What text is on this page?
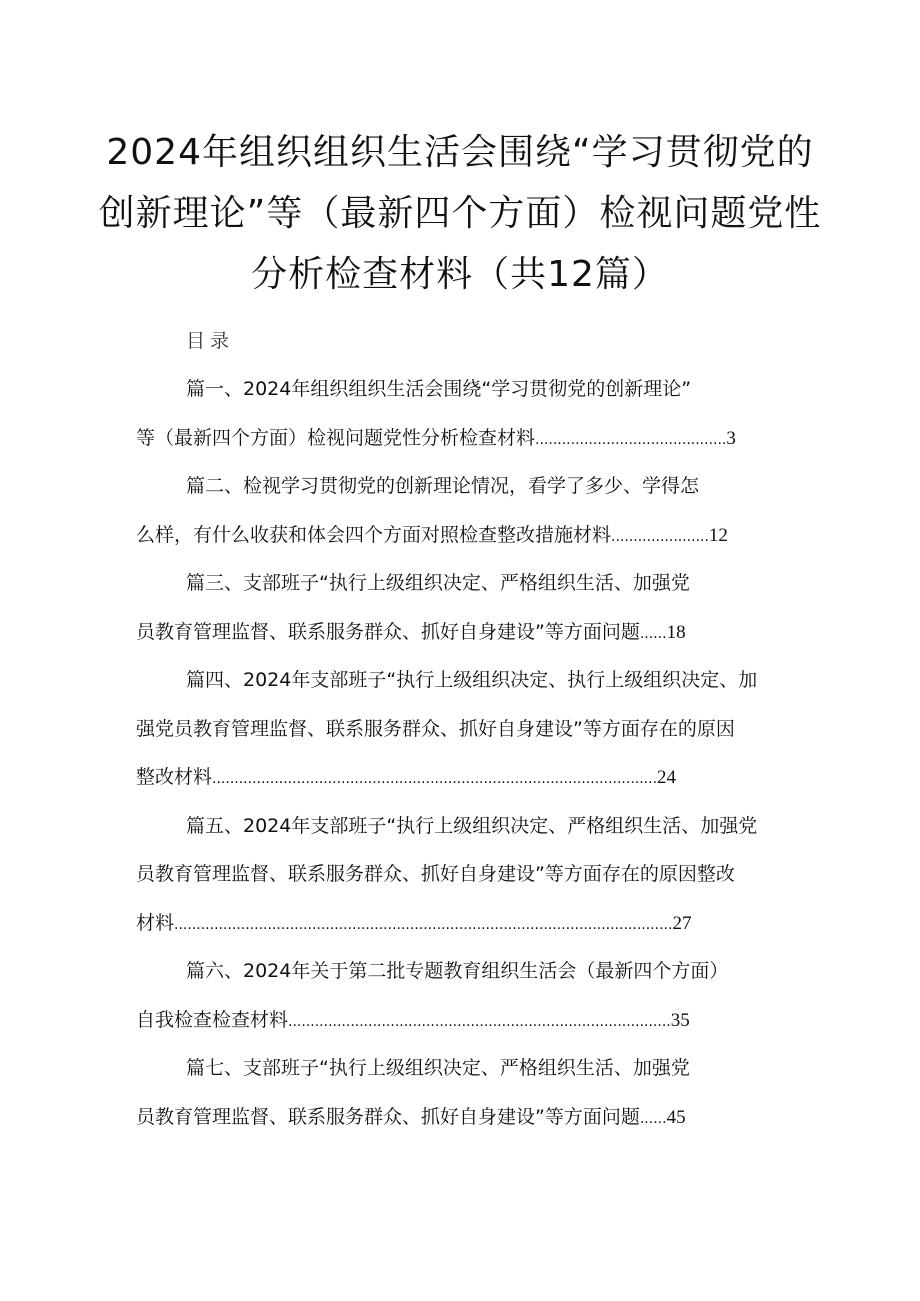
2024年组织组织生活会围绕“学习贯彻党的
创新理论”等（最新四个方面）检视问题党性
分析检查材料（共12篇）
目录
篇一、2024年组织组织生活会围绕“学习贯彻党的创新理论”
等（最新四个方面）检视问题党性分析检查材料 ........................................... 3
篇二、检视学习贯彻党的创新理论情况，看学了多少、学得怎
么样，有什么收获和体会四个方面对照检查整改措施材料 ...................... 12
篇三、支部班子“执行上级组织决定、严格组织生活、加强党
员教育管理监督、联系服务群众、抓好自身建设”等方面问题 ...... 18
篇四、2024年支部班子“执行上级组织决定、执行上级组织决定、加
强党员教育管理监督、联系服务群众、抓好自身建设”等方面存在的原因
整改材料 .................................................................................................... 24
篇五、2024年支部班子“执行上级组织决定、严格组织生活、加强党
员教育管理监督、联系服务群众、抓好自身建设”等方面存在的原因整改
材料 ................................................................................................................ 27
篇六、2024年关于第二批专题教育组织生活会（最新四个方面）
自我检查检查材料 ...................................................................................... 35
篇七、支部班子“执行上级组织决定、严格组织生活、加强党
员教育管理监督、联系服务群众、抓好自身建设”等方面问题 ...... 45
